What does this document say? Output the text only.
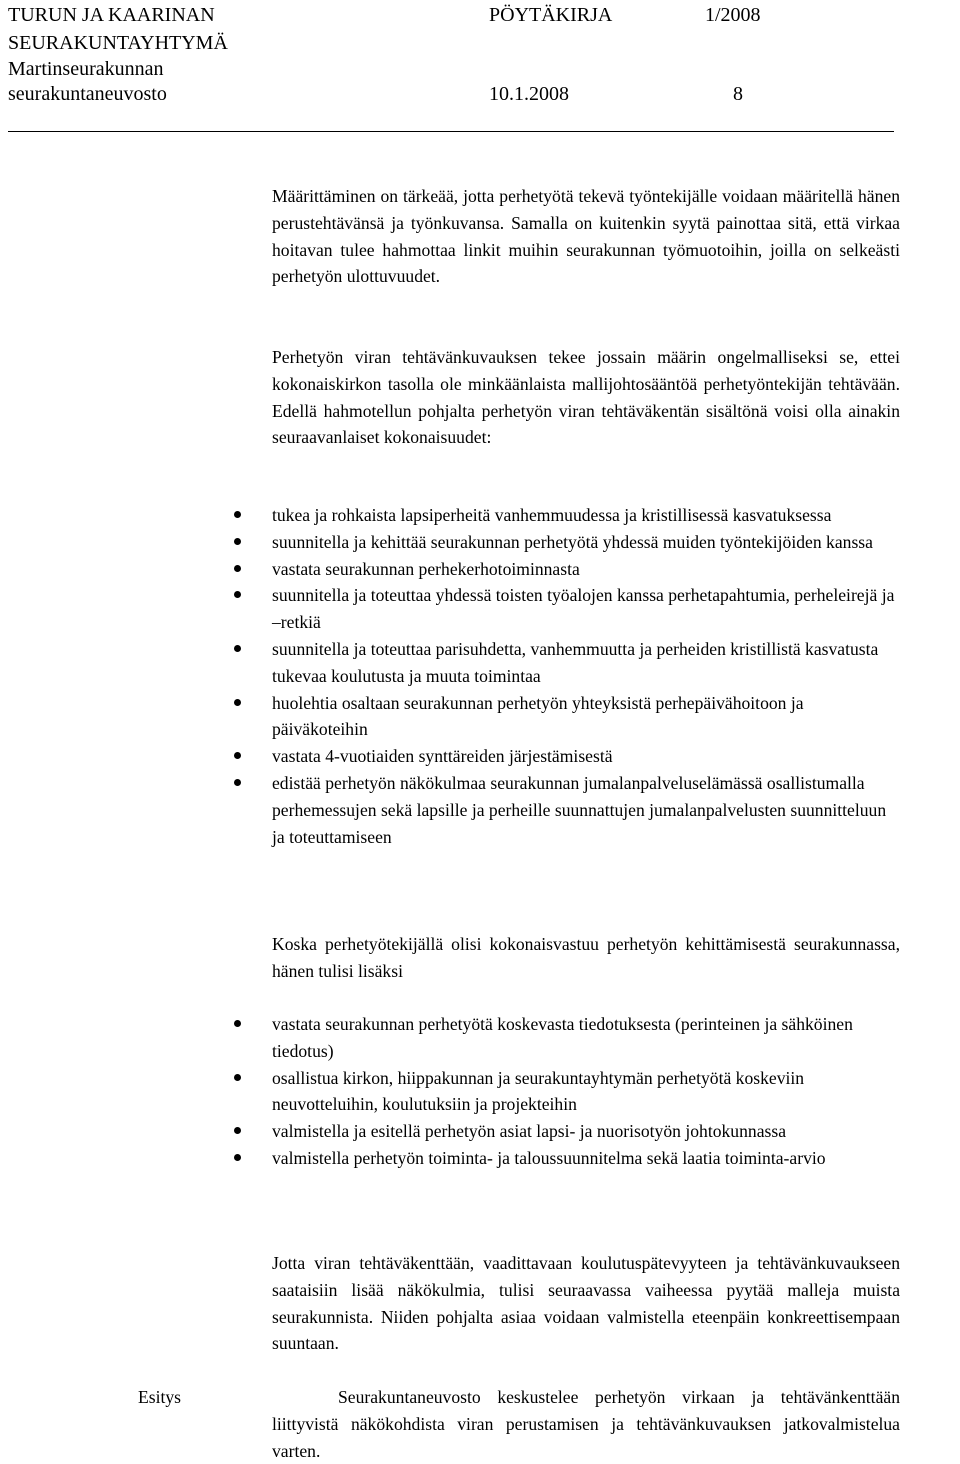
TURUN JA KAARINAN
SEURAKUNTAYHTYMÄ
Martinseurakunnan
seurakuntaneuvosto
PÖYTÄKIRJA	1/2008
10.1.2008	8
Määrittäminen on tärkeää, jotta perhetyötä tekevä työntekijälle voidaan määritellä hänen perustehtävänsä ja työnkuvansa. Samalla on kuitenkin syytä painottaa sitä, että virkaa hoitavan tulee hahmottaa linkit muihin seurakunnan työmuotoihin, joilla on selkeästi perhetyön ulottuvuudet.
Perhetyön viran tehtävänkuvauksen tekee jossain määrin ongelmalliseksi se, ettei kokonaiskirkon tasolla ole minkäänlaista mallijohtosääntöä perhetyöntekijän tehtävään. Edellä hahmotellun pohjalta perhetyön viran tehtäväkentän sisältönä voisi olla ainakin seuraavanlaiset kokonaisuudet:
tukea ja rohkaista lapsiperheitä vanhemmuudessa ja kristillisessä kasvatuksessa
suunnitella ja kehittää seurakunnan perhetyötä yhdessä muiden työntekijöiden kanssa
vastata seurakunnan perhekerhotoiminnasta
suunnitella ja toteuttaa yhdessä toisten työalojen kanssa perhetapahtumia, perheleirejä ja –retkiä
suunnitella ja toteuttaa parisuhdetta, vanhemmuutta ja perheiden kristillistä kasvatusta tukevaa koulutusta ja muuta toimintaa
huolehtia osaltaan seurakunnan perhetyön yhteyksistä perhepäivähoitoon ja päiväkoteihin
vastata 4-vuotiaiden synttäreiden järjestämisestä
edistää perhetyön näkökulmaa seurakunnan jumalanpalveluselämässä osallistumalla perhemessujen sekä lapsille ja perheille suunnattujen jumalanpalvelusten suunnitteluun ja toteuttamiseen
Koska perhetyötekijällä olisi kokonaisvastuu perhetyön kehittämisestä seurakunnassa, hänen tulisi lisäksi
vastata seurakunnan perhetyötä koskevasta tiedotuksesta (perinteinen ja sähköinen tiedotus)
osallistua kirkon, hiippakunnan ja seurakuntayhtymän perhetyötä koskeviin neuvotteluihin, koulutuksiin ja projekteihin
valmistella ja esitellä perhetyön asiat lapsi- ja nuorisotyön johtokunnassa
valmistella perhetyön toiminta- ja taloussuunnitelma sekä laatia toiminta-arvio
Jotta viran tehtäväkenttään, vaadittavaan koulutuspätevyyteen ja tehtävänkuvaukseen saataisiin lisää näkökulmia, tulisi seuraavassa vaiheessa pyytää malleja muista seurakunnista. Niiden pohjalta asiaa voidaan valmistella eteenpäin konkreettisempaan suuntaan.
Esitys	Seurakuntaneuvosto keskustelee perhetyön virkaan ja tehtävänkenttään liittyvistä näkökohdista viran perustamisen ja tehtävänkuvauksen jatkovalmistelua varten.
